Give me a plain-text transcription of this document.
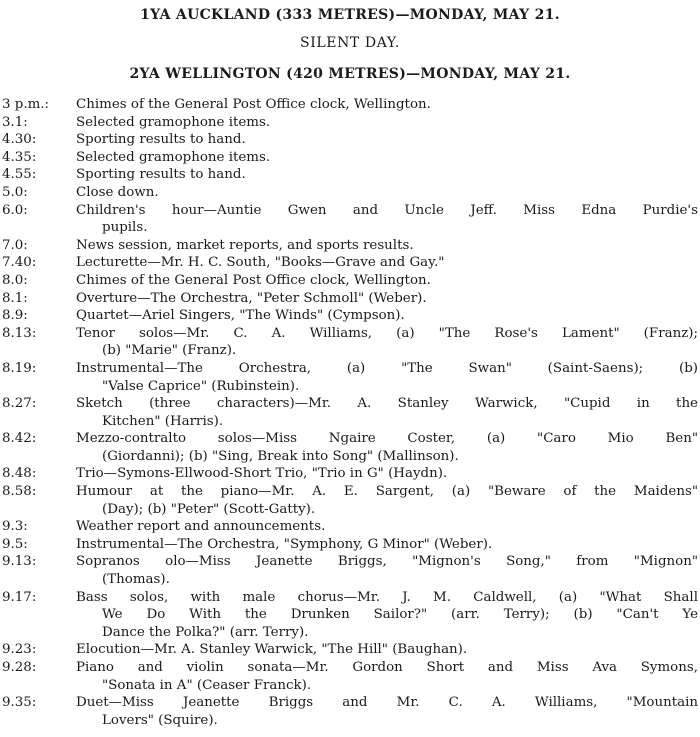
1YA AUCKLAND (333 METRES)—MONDAY, MAY 21.
SILENT DAY.
2YA WELLINGTON (420 METRES)—MONDAY, MAY 21.
3 p.m.:	Chimes of the General Post Office clock, Wellington.

3.1:	Selected gramophone items.

4.30:	Sporting results to hand.

4.35:	Selected gramophone items.

4.55:	Sporting results to hand.

5.0:	Close down.

6.0:	Children's hour—Auntie Gwen and Uncle Jeff. Miss Edna Purdie's
pupils.

7.0:	News session, market reports, and sports results.

7.40:	Lecturette—Mr. H. C. South, "Books—Grave and Gay."

8.0:	Chimes of the General Post Office clock, Wellington.

8.1:	Overture—The Orchestra, "Peter Schmoll" (Weber).

8.9:	Quartet—Ariel Singers, "The Winds" (Cympson).

8.13:	Tenor solos—Mr. C. A. Williams, (a) "The Rose's Lament" (Franz);
(b) "Marie" (Franz).

8.19:	Instrumental—The Orchestra, (a) "The Swan" (Saint-Saens); (b)
"Valse Caprice" (Rubinstein).

8.27:	Sketch (three characters)—Mr. A. Stanley Warwick, "Cupid in the
Kitchen" (Harris).

8.42:	Mezzo-contralto solos—Miss Ngaire Coster, (a) "Caro Mio Ben"
(Giordanni); (b) "Sing, Break into Song" (Mallinson).

8.48:	Trio—Symons-Ellwood-Short Trio, "Trio in G" (Haydn).

8.58:	Humour at the piano—Mr. A. E. Sargent, (a) "Beware of the Maidens"
(Day); (b) "Peter" (Scott-Gatty).

9.3:	Weather report and announcements.

9.5:	Instrumental—The Orchestra, "Symphony, G Minor" (Weber).

9.13:	Sopranos olo—Miss Jeanette Briggs, "Mignon's Song," from "Mignon"
(Thomas).

9.17:	Bass solos, with male chorus—Mr. J. M. Caldwell, (a) "What Shall
We Do With the Drunken Sailor?" (arr. Terry); (b) "Can't Ye
Dance the Polka?" (arr. Terry).

9.23:	Elocution—Mr. A. Stanley Warwick, "The Hill" (Baughan).

9.28:	Piano and violin sonata—Mr. Gordon Short and Miss Ava Symons,
"Sonata in A" (Ceaser Franck).

9.35:	Duet—Miss Jeanette Briggs and Mr. C. A. Williams, "Mountain
Lovers" (Squire).
